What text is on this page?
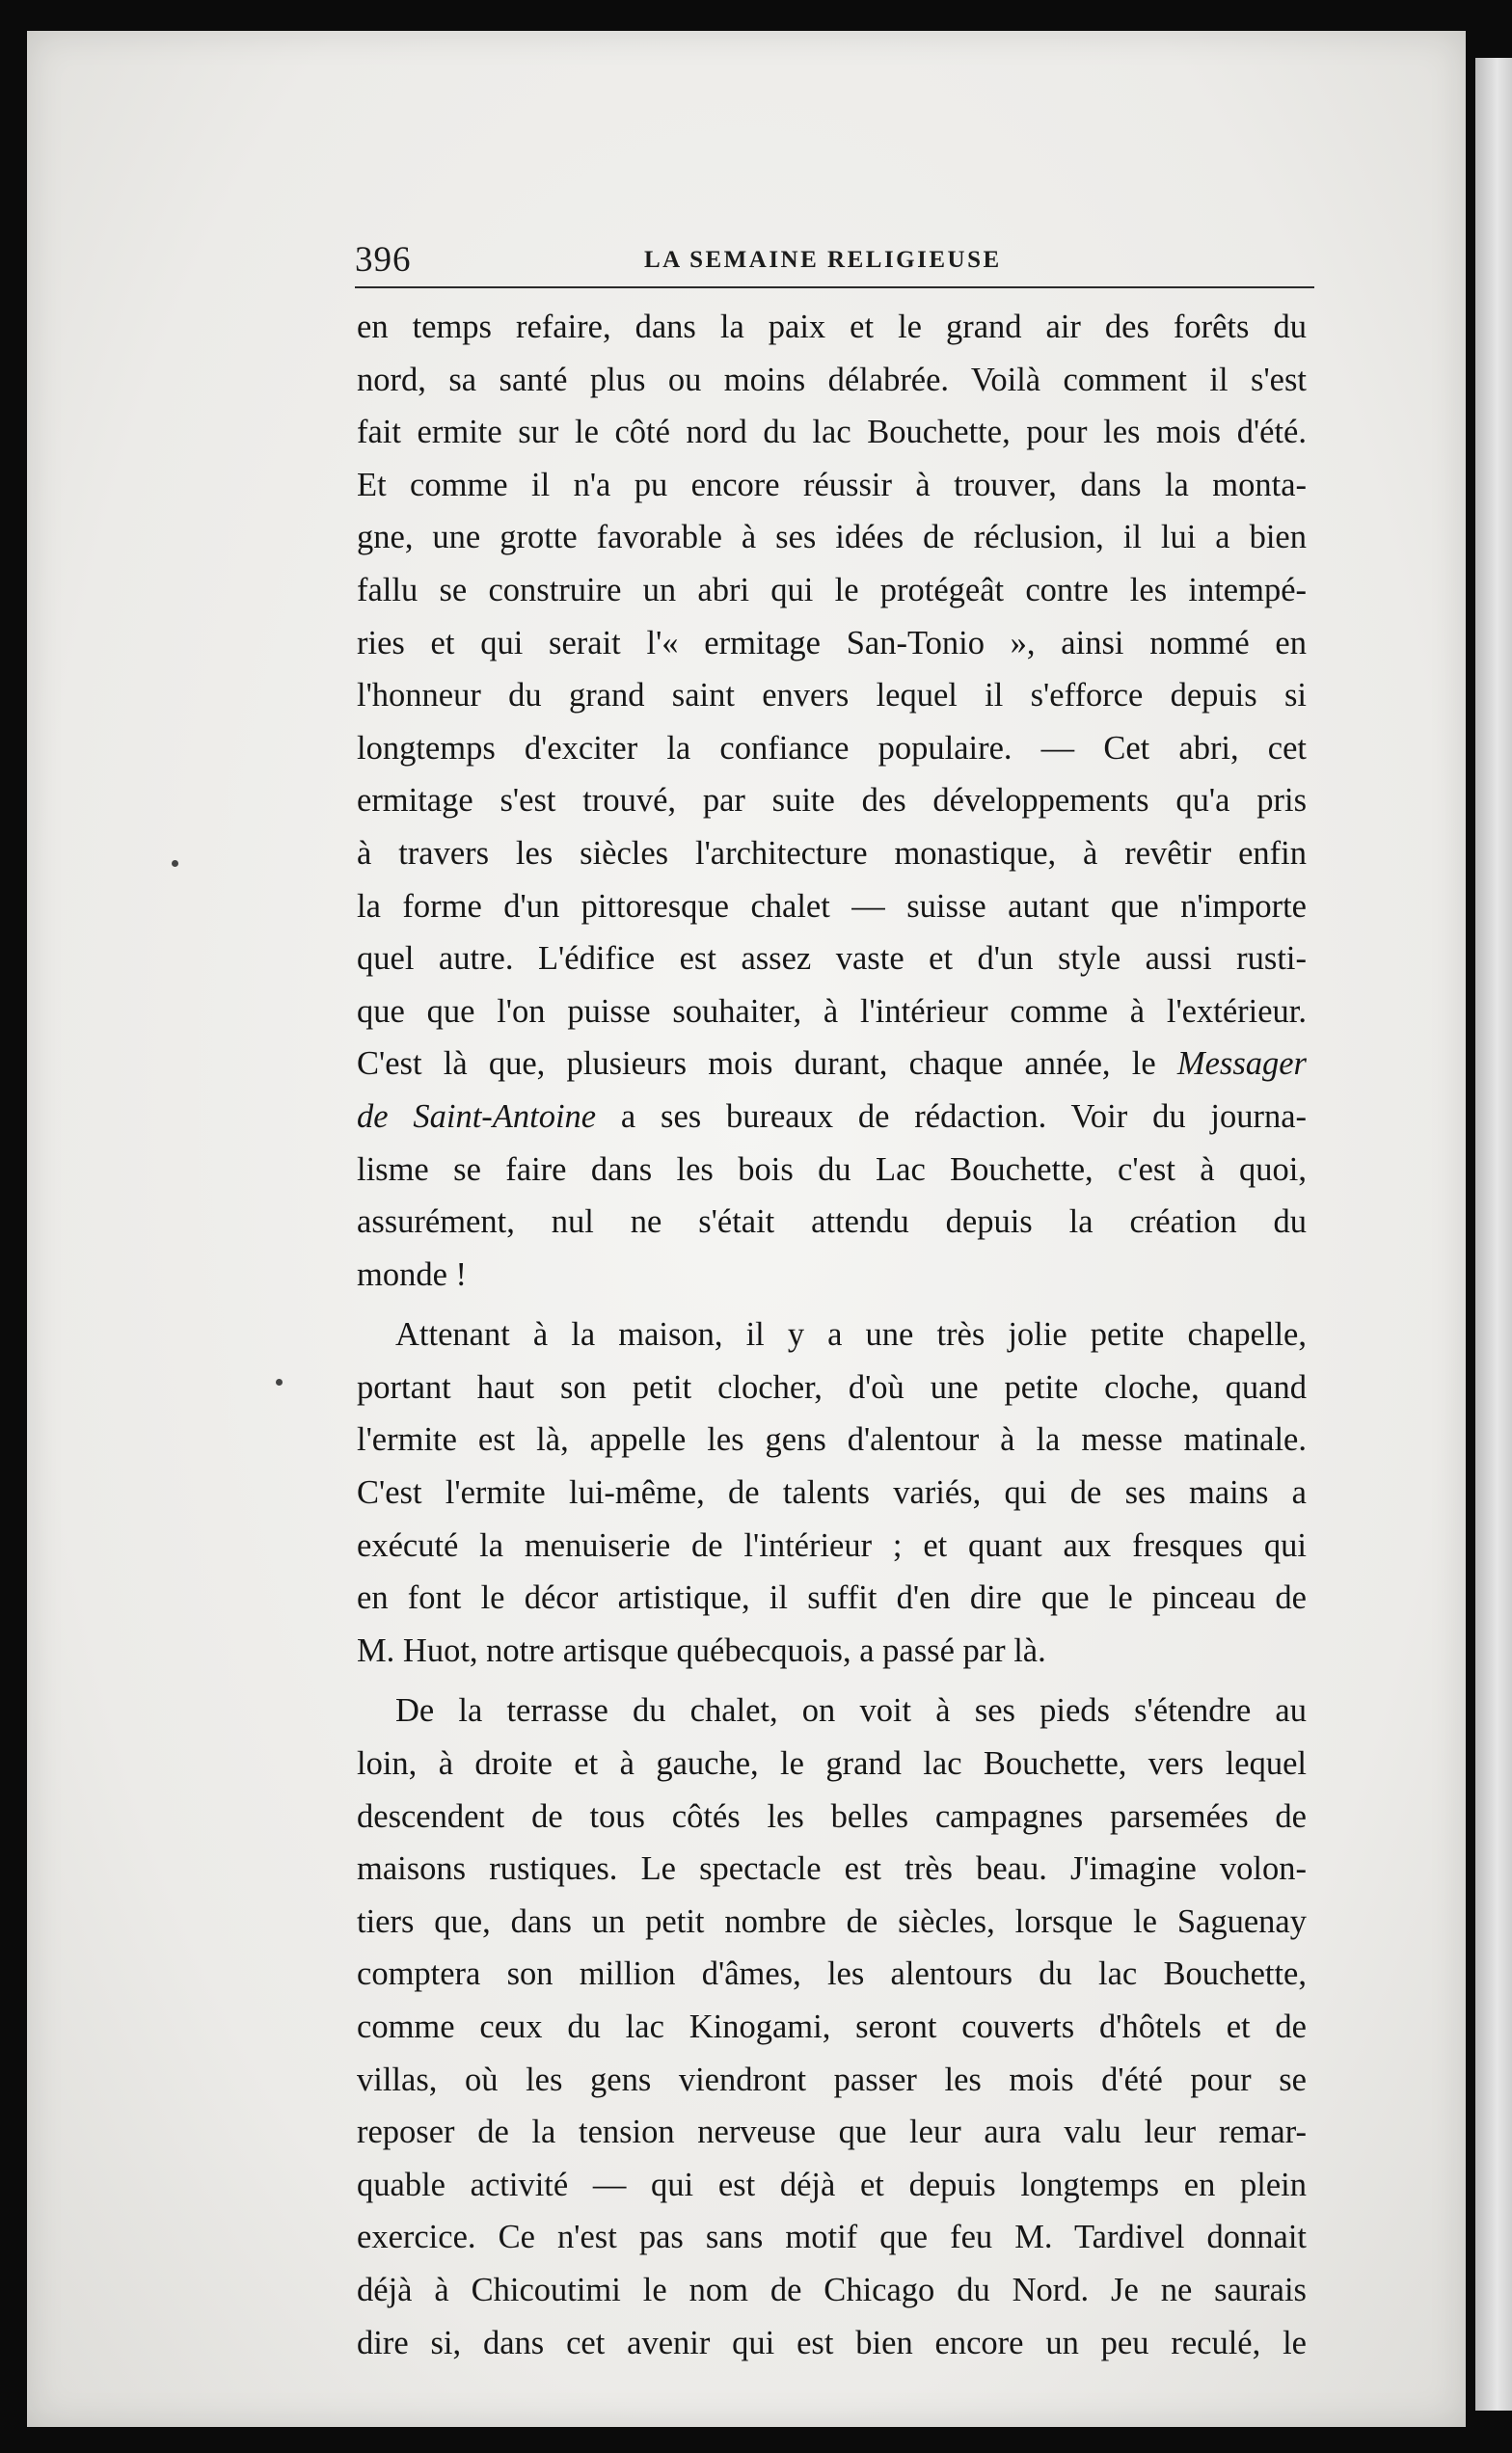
396	LA SEMAINE RELIGIEUSE
en temps refaire, dans la paix et le grand air des forêts du
nord, sa santé plus ou moins délabrée. Voilà comment il s'est
fait ermite sur le côté nord du lac Bouchette, pour les mois d'été.
Et comme il n'a pu encore réussir à trouver, dans la monta-
gne, une grotte favorable à ses idées de réclusion, il lui a bien
fallu se construire un abri qui le protégeât contre les intempé-
ries et qui serait l'« ermitage San-Tonio », ainsi nommé en
l'honneur du grand saint envers lequel il s'efforce depuis si
longtemps d'exciter la confiance populaire. — Cet abri, cet
ermitage s'est trouvé, par suite des développements qu'a pris
à travers les siècles l'architecture monastique, à revêtir enfin
la forme d'un pittoresque chalet — suisse autant que n'importe
quel autre. L'édifice est assez vaste et d'un style aussi rusti-
que que l'on puisse souhaiter, à l'intérieur comme à l'extérieur.
C'est là que, plusieurs mois durant, chaque année, le Messager
de Saint-Antoine a ses bureaux de rédaction. Voir du journa-
lisme se faire dans les bois du Lac Bouchette, c'est à quoi,
assurément, nul ne s'était attendu depuis la création du
monde !
Attenant à la maison, il y a une très jolie petite chapelle,
portant haut son petit clocher, d'où une petite cloche, quand
l'ermite est là, appelle les gens d'alentour à la messe matinale.
C'est l'ermite lui-même, de talents variés, qui de ses mains a
exécuté la menuiserie de l'intérieur ; et quant aux fresques qui
en font le décor artistique, il suffit d'en dire que le pinceau de
M. Huot, notre artisque québecquois, a passé par là.
De la terrasse du chalet, on voit à ses pieds s'étendre au
loin, à droite et à gauche, le grand lac Bouchette, vers lequel
descendent de tous côtés les belles campagnes parsemées de
maisons rustiques. Le spectacle est très beau. J'imagine volon-
tiers que, dans un petit nombre de siècles, lorsque le Saguenay
comptera son million d'âmes, les alentours du lac Bouchette,
comme ceux du lac Kinogami, seront couverts d'hôtels et de
villas, où les gens viendront passer les mois d'été pour se
reposer de la tension nerveuse que leur aura valu leur remar-
quable activité — qui est déjà et depuis longtemps en plein
exercice. Ce n'est pas sans motif que feu M. Tardivel donnait
déjà à Chicoutimi le nom de Chicago du Nord. Je ne saurais
dire si, dans cet avenir qui est bien encore un peu reculé, le
